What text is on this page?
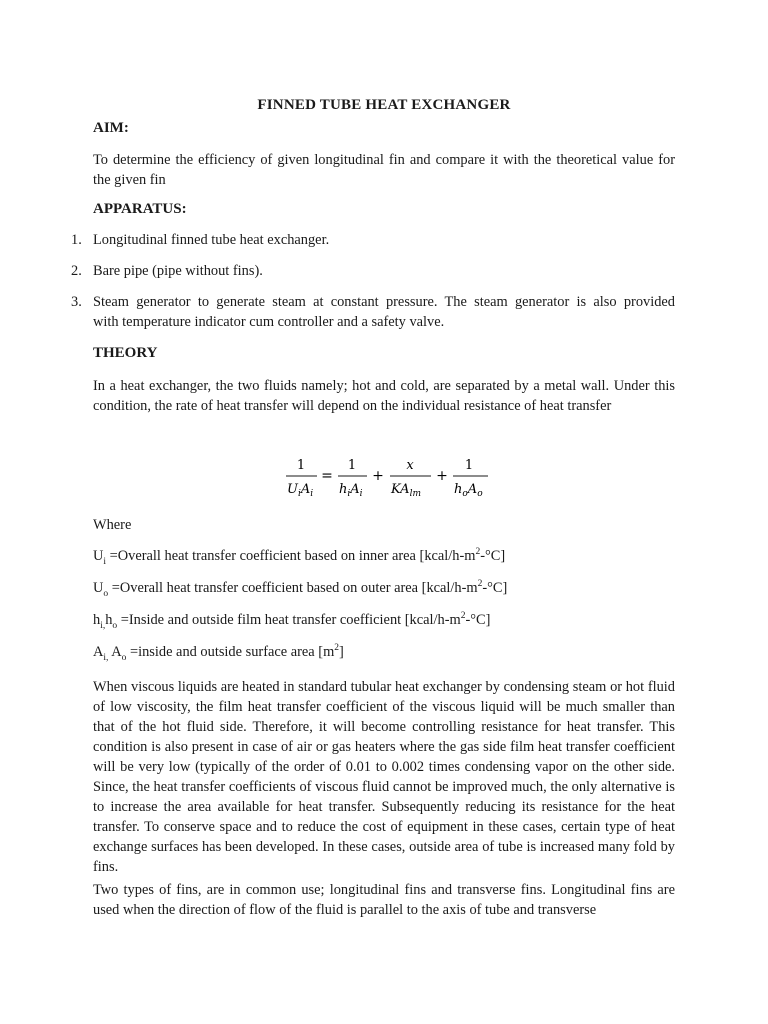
FINNED TUBE HEAT EXCHANGER
AIM:
To determine the efficiency of given longitudinal fin and compare it with the theoretical value for the given fin
APPARATUS:
1. Longitudinal finned tube heat exchanger.
2. Bare pipe (pipe without fins).
3. Steam generator to generate steam at constant pressure. The steam generator is also provided
with temperature indicator cum controller and a safety valve.
THEORY
In a heat exchanger, the two fluids namely; hot and cold, are separated by a metal wall. Under this condition, the rate of heat transfer will depend on the individual resistance of heat transfer
1
$U_iA_i$
=
1
$h_iA_i$
+
x
$KA_{lm}$
+
1
$h_oA_o$
Where
$U_i$ =Overall heat transfer coefficient based on inner area $[kcal/h-m^2-^\circ C]$
$U_o$ =Overall heat transfer coefficient based on outer area $[kcal/h-m^2-^\circ C]$
$h_{i,}h_o$ =Inside and outside film heat transfer coefficient $[kcal/h-m^2-^\circ C]$
$A_{i,}$ $A_o$ =inside and outside surface area $[m^2]$
When viscous liquids are heated in standard tubular heat exchanger by condensing steam or hot fluid of low viscosity, the film heat transfer coefficient of the viscous liquid will be much smaller than that of the hot fluid side. Therefore, it will become controlling resistance for heat transfer. This condition is also present in case of air or gas heaters where the gas side film heat transfer coefficient will be very low (typically of the order of 0.01 to 0.002 times condensing vapor on the other side. Since, the heat transfer coefficients of viscous fluid cannot be improved much, the only alternative is to increase the area available for heat transfer. Subsequently reducing its resistance for the heat transfer. To conserve space and to reduce the cost of equipment in these cases, certain type of heat exchange surfaces has been developed. In these cases, outside area of tube is increased many fold by fins.
Two types of fins, are in common use; longitudinal fins and transverse fins. Longitudinal fins are used when the direction of flow of the fluid is parallel to the axis of tube and transverse
